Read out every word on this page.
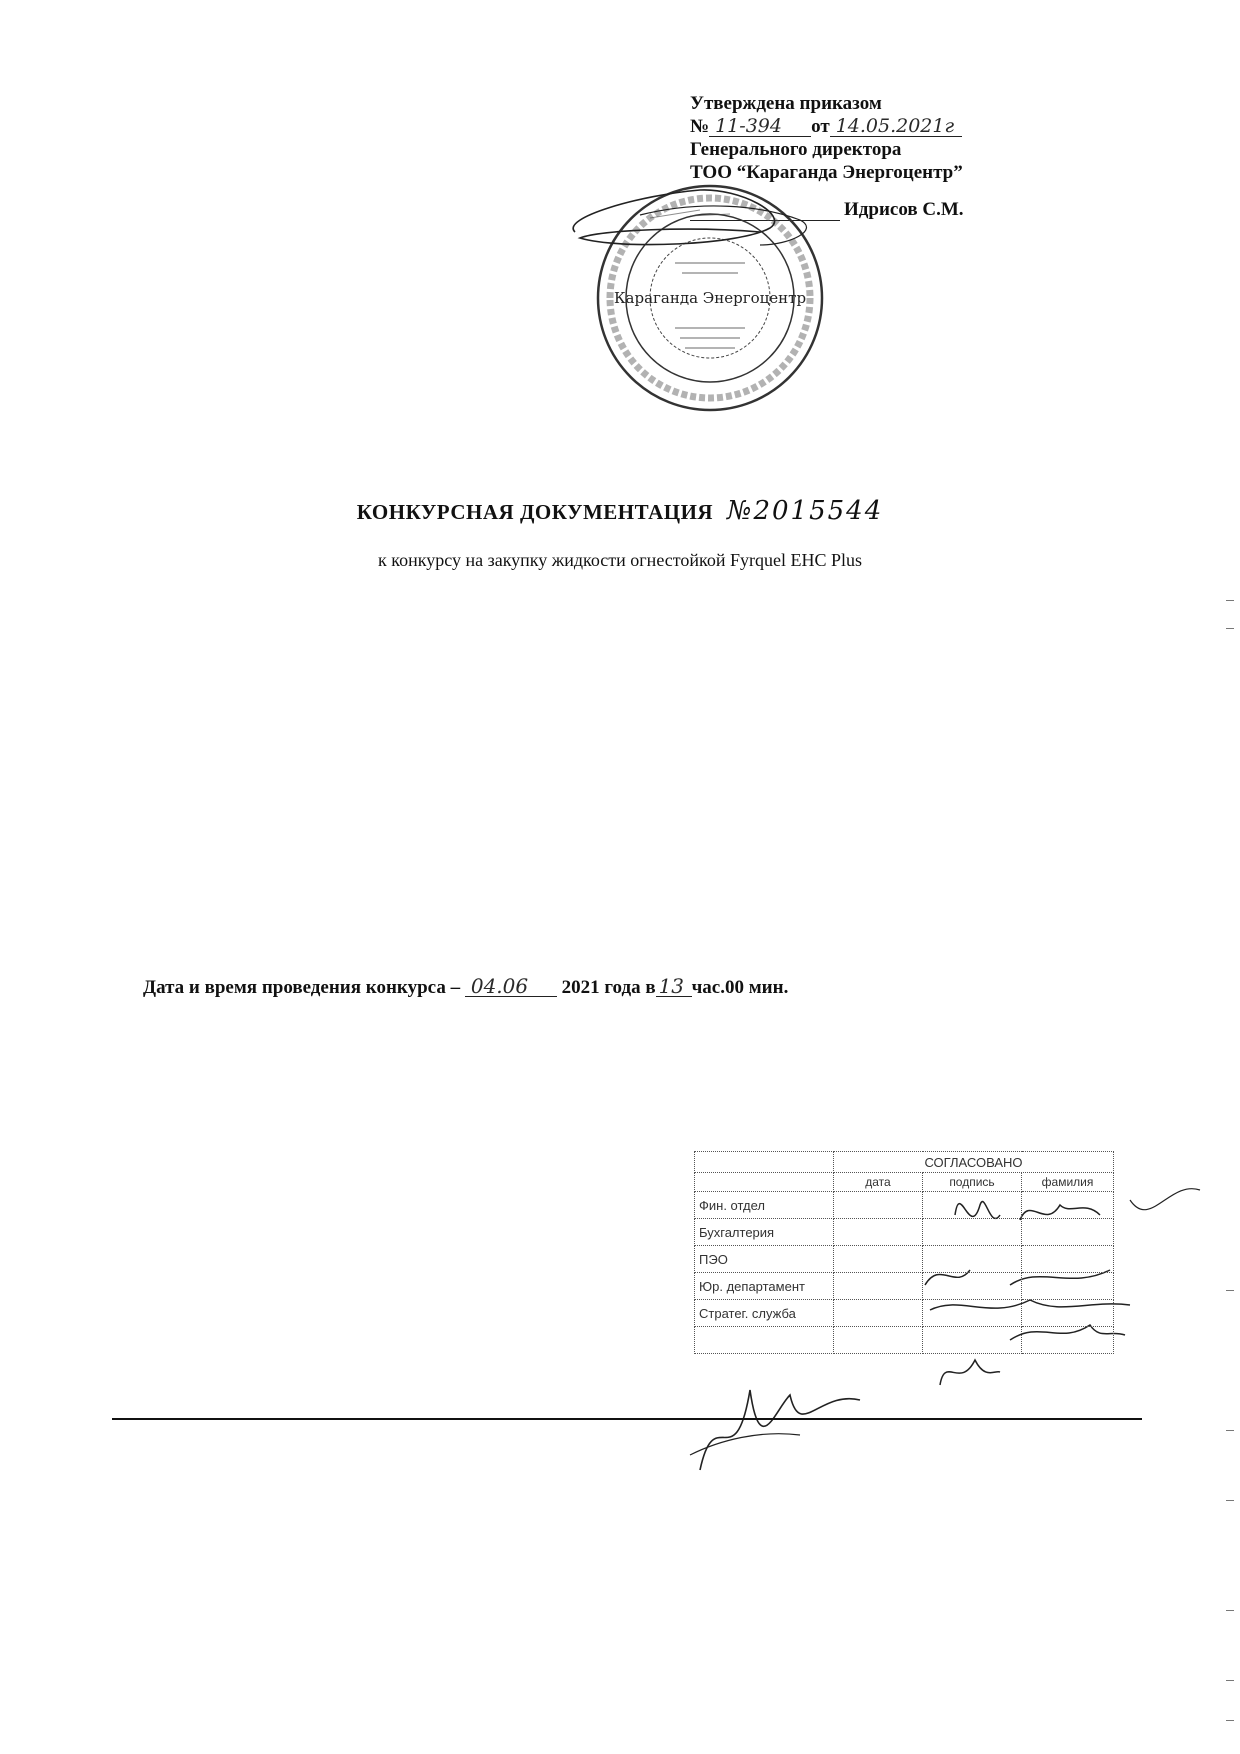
Утверждена приказом
№ 11-394 от 14.05.2021г
Генерального директора
ТОО “Караганда Энергоцентр”
Идрисов С.М.
Караганда Энергоцентр
КОНКУРСНАЯ ДОКУМЕНТАЦИЯ №2015544
к конкурсу на закупку жидкости огнестойкой Fyrquel EHC Plus
Дата и время проведения конкурса – 04.06 2021 года в 13 час.00 мин.
	СОГЛАСОВАНО		
	дата	подпись	фамилия
Фин. отдел			
Бухгалтерия			
ПЭО			
Юр. департамент			
Стратег. служба			
